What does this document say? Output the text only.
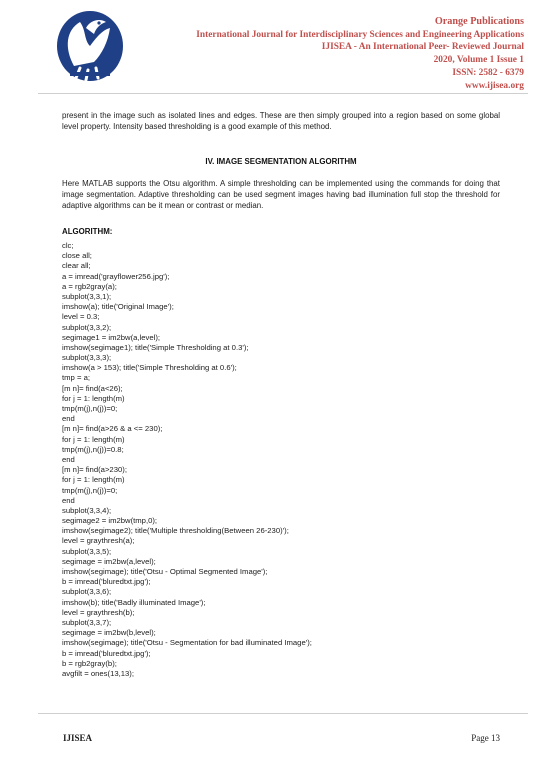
Orange Publications
International Journal for Interdisciplinary Sciences and Engineering Applications
IJISEA - An International Peer- Reviewed Journal
2020, Volume 1 Issue 1
ISSN: 2582 - 6379
www.ijisea.org
present in the image such as isolated lines and edges. These are then simply grouped into a region based on some global level property. Intensity based thresholding is a good example of this method.
IV. IMAGE SEGMENTATION ALGORITHM
Here MATLAB supports the Otsu algorithm. A simple thresholding can be implemented using the commands for doing that image segmentation. Adaptive thresholding can be used segment images having bad illumination full stop the threshold for adaptive algorithms can be it mean or contrast or median.
ALGORITHM:
clc;
close all;
clear all;
a = imread('grayflower256.jpg');
a = rgb2gray(a);
subplot(3,3,1);
imshow(a); title('Original Image');
level = 0.3;
subplot(3,3,2);
segimage1 = im2bw(a,level);
imshow(segimage1); title('Simple Thresholding at 0.3');
subplot(3,3,3);
imshow(a > 153); title('Simple Thresholding at 0.6');
tmp = a;
[m n]= find(a<26);
for j = 1: length(m)
tmp(m(j),n(j))=0;
end
[m n]= find(a>26 & a <= 230);
for j = 1: length(m)
tmp(m(j),n(j))=0.8;
end
[m n]= find(a>230);
for j = 1: length(m)
tmp(m(j),n(j))=0;
end
subplot(3,3,4);
segimage2 = im2bw(tmp,0);
imshow(segimage2); title('Multiple thresholding(Between 26-230)');
level = graythresh(a);
subplot(3,3,5);
segimage = im2bw(a,level);
imshow(segimage); title('Otsu - Optimal Segmented Image');
b = imread('bluredtxt.jpg');
subplot(3,3,6);
imshow(b); title('Badly illuminated Image');
level = graythresh(b);
subplot(3,3,7);
segimage = im2bw(b,level);
imshow(segimage); title('Otsu - Segmentation for bad illuminated Image');
b = imread('bluredtxt.jpg');
b = rgb2gray(b);
avgfilt = ones(13,13);
IJISEA	Page 13
